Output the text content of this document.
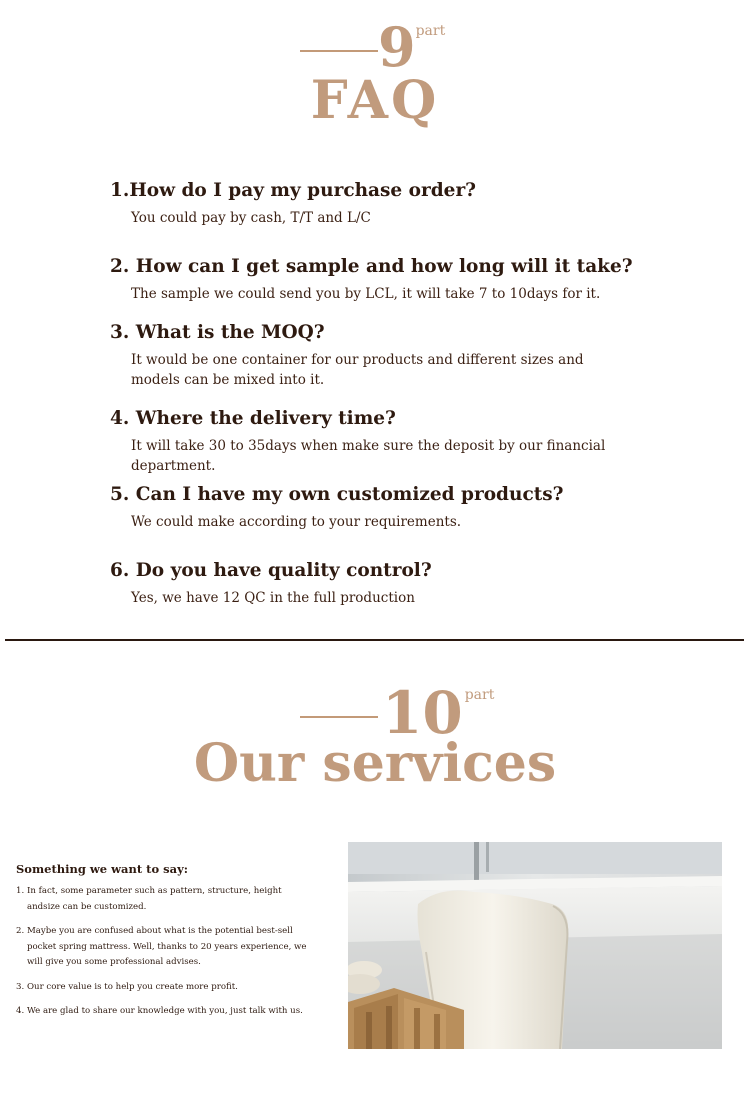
9 part
FAQ
1.How do I pay my purchase order?
You could pay by cash, T/T and L/C
2. How can I get sample and how long will it take?
The sample we could send you by LCL, it will take 7 to 10days for it.
3. What is the MOQ?
It would be one container for our products and different sizes and models can be mixed into it.
4. Where the delivery time?
It will take 30 to 35days when make sure the deposit by our financial department.
5. Can I have my own customized products?
We could make according to your requirements.
6. Do you have quality control?
Yes, we have 12 QC in the full production
10 part
Our services
Something we want to say:
1. In fact, some parameter such as pattern, structure, height andsize can be customized.
2. Maybe you are confused about what is the potential best-sell pocket spring mattress. Well, thanks to 20 years experience, we will give you some professional advises.
3. Our core value is to help you create more profit.
4. We are glad to share our knowledge with you, just talk with us.
